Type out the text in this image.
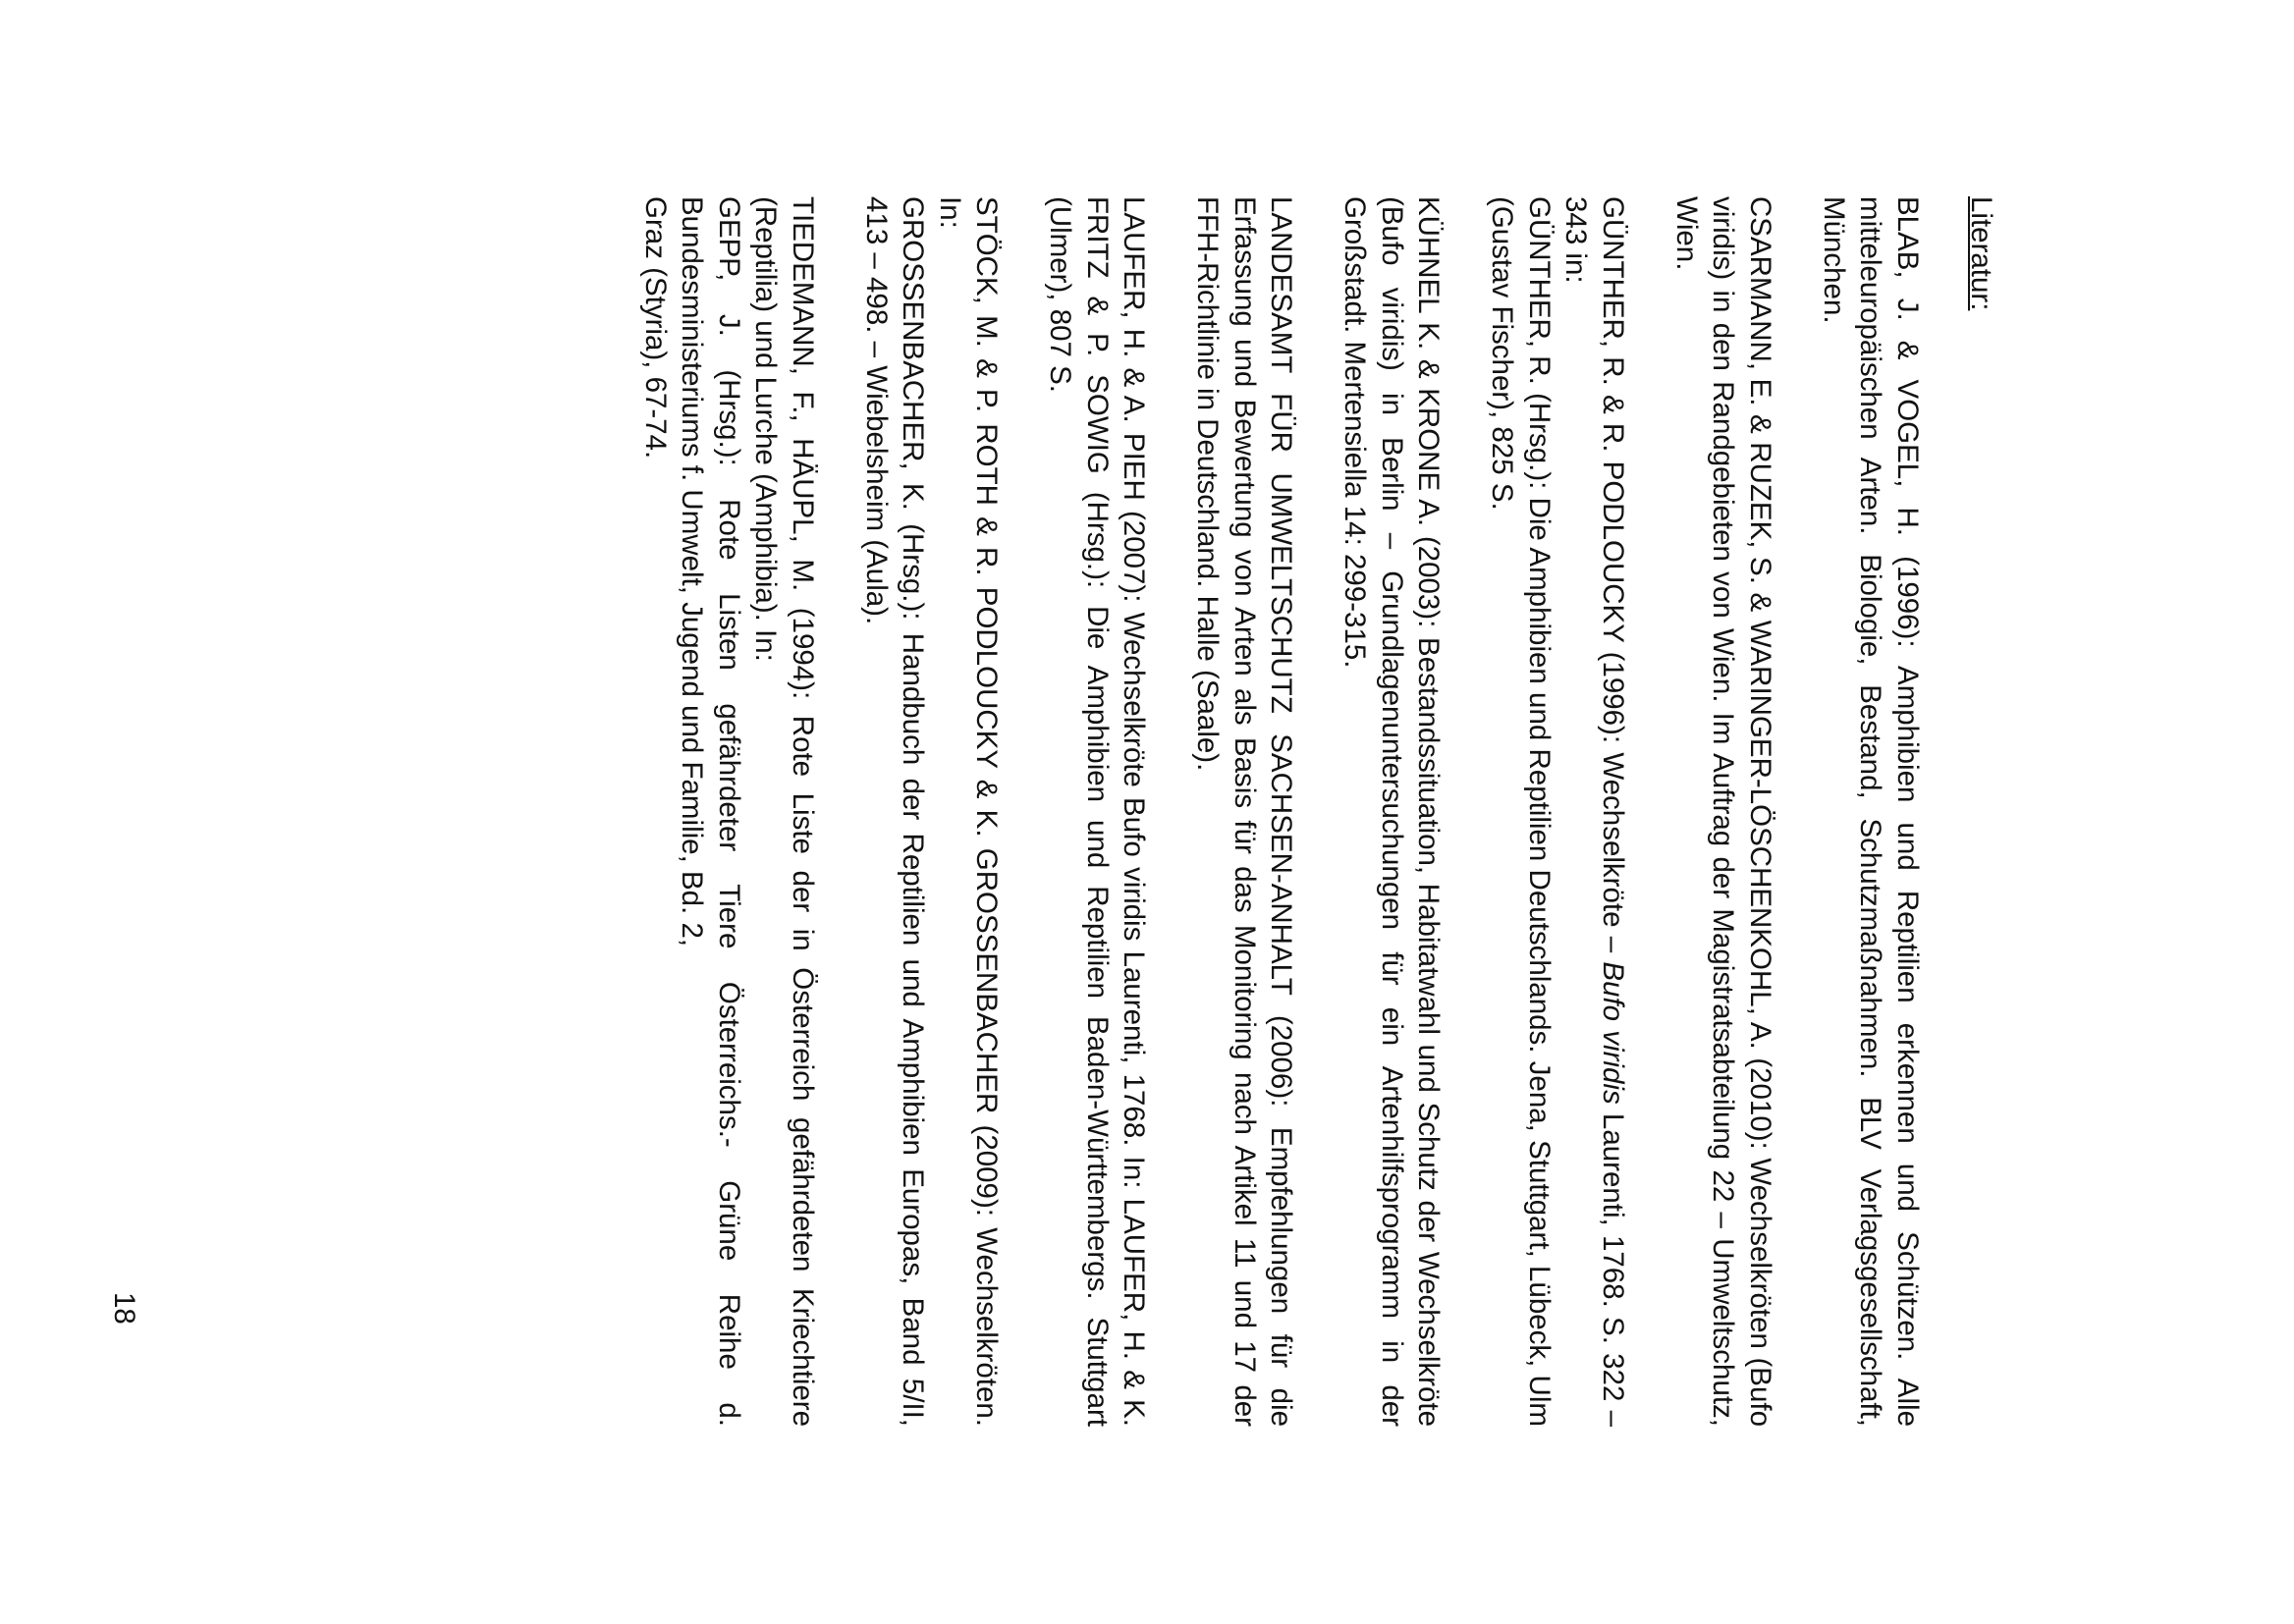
Literatur:
BLAB, J. & VOGEL, H. (1996): Amphibien und Reptilien erkennen und Schützen. Alle mitteleuropäischen Arten. Biologie, Bestand, Schutzmaßnahmen. BLV Verlagsgesellschaft, München.
CSARMANN, E. & RUZEK, S. & WARINGER-LÖSCHENKOHL, A. (2010): Wechselkröten (Bufo viridis) in den Randgebieten von Wien. Im Auftrag der Magistratsabteilung 22 – Umweltschutz, Wien.
GÜNTHER, R. & R. PODLOUCKY (1996): Wechselkröte – Bufo viridis Laurenti, 1768. S. 322 – 343 in:
GÜNTHER, R. (Hrsg.): Die Amphibien und Reptilien Deutschlands. Jena, Stuttgart, Lübeck, Ulm (Gustav Fischer), 825 S.
KÜHNEL K. & KRONE A. (2003): Bestandssituation, Habitatwahl und Schutz der Wechselkröte (Bufo viridis) in Berlin – Grundlagenuntersuchungen für ein Artenhilfsprogramm in der Großstadt. Mertensiella 14: 299-315.
LANDESAMT FÜR UMWELTSCHUTZ SACHSEN-ANHALT (2006): Empfehlungen für die Erfassung und Bewertung von Arten als Basis für das Monitoring nach Artikel 11 und 17 der FFH-Richtlinie in Deutschland. Halle (Saale).
LAUFER, H. & A. PIEH (2007): Wechselkröte Bufo viridis Laurenti, 1768. In: LAUFER, H. & K. FRITZ & P. SOWIG (Hrsg.): Die Amphibien und Reptilien Baden-Württembergs. Stuttgart (Ulmer), 807 S.
STÖCK, M. & P. ROTH & R. PODLOUCKY & K. GROSSENBACHER (2009): Wechselkröten. In:
GROSSENBACHER, K. (Hrsg.): Handbuch der Reptilien und Amphibien Europas, Band 5/II, 413 – 498. – Wiebelsheim (Aula).
TIEDEMANN, F., HÄUPL, M. (1994): Rote Liste der in Österreich gefährdeten Kriechtiere (Reptilia) und Lurche (Amphibia). In:
GEPP, J. (Hrsg.): Rote Listen gefährdeter Tiere Österreichs.- Grüne Reihe d. Bundesministeriums f. Umwelt, Jugend und Familie, Bd. 2,
Graz (Styria), 67-74.
18
